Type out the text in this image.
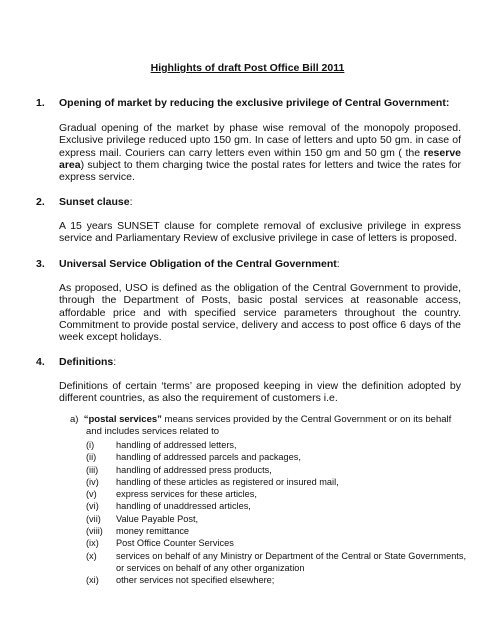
Highlights of draft Post Office Bill 2011
1. Opening of market by reducing the exclusive privilege of Central Government:

Gradual opening of the market by phase wise removal of the monopoly proposed. Exclusive privilege reduced upto 150 gm. In case of letters and upto 50 gm. in case of express mail. Couriers can carry letters even within 150 gm and 50 gm ( the reserve area) subject to them charging twice the postal rates for letters and twice the rates for express service.

2. Sunset clause:

A 15 years SUNSET clause for complete removal of exclusive privilege in express service and Parliamentary Review of exclusive privilege in case of letters is proposed.

3. Universal Service Obligation of the Central Government:

As proposed, USO is defined as the obligation of the Central Government to provide, through the Department of Posts, basic postal services at reasonable access, affordable price and with specified service parameters throughout the country. Commitment to provide postal service, delivery and access to post office 6 days of the week except holidays.

4. Definitions:

Definitions of certain ‘terms’ are proposed keeping in view the definition adopted by different countries, as also the requirement of customers i.e.

a) “postal services” means services provided by the Central Government or on its behalf
and includes services related to
(i)	handling of addressed letters,
(ii)	handling of addressed parcels and packages,
(iii)	handling of addressed press products,
(iv)	handling of these articles as registered or insured mail,
(v)	express services for these articles,
(vi)	handling of unaddressed articles,
(vii)	Value Payable Post,
(viii)	money remittance
(ix)	Post Office Counter Services
(x)	services on behalf of any Ministry or Department of the Central or State Governments, or services on behalf of any other organization
(xi)	other services not specified elsewhere;
